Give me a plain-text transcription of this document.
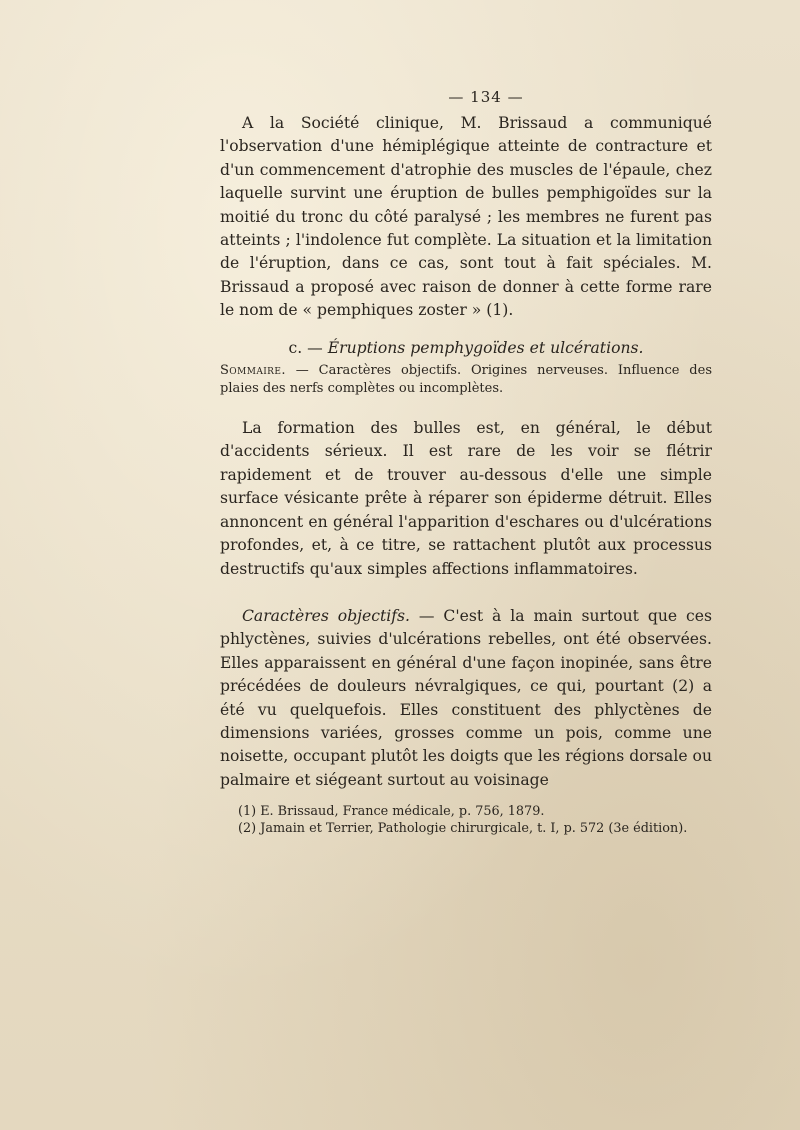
— 134 —

A la Société clinique, M. Brissaud a communiqué l'observation d'une hémiplégique atteinte de contracture et d'un commencement d'atrophie des muscles de l'épaule, chez laquelle survint une éruption de bulles pemphigoïdes sur la moitié du tronc du côté paralysé ; les membres ne furent pas atteints ; l'indolence fut complète. La situation et la limitation de l'éruption, dans ce cas, sont tout à fait spéciales. M. Brissaud a proposé avec raison de donner à cette forme rare le nom de « pemphiques zoster » (1).

c. — Éruptions pemphygoïdes et ulcérations.
Sommaire. — Caractères objectifs. Origines nerveuses. Influence des plaies des nerfs complètes ou incomplètes.

La formation des bulles est, en général, le début d'accidents sérieux. Il est rare de les voir se flétrir rapidement et de trouver au-dessous d'elle une simple surface vésicante prête à réparer son épiderme détruit. Elles annoncent en général l'apparition d'eschares ou d'ulcérations profondes, et, à ce titre, se rattachent plutôt aux processus destructifs qu'aux simples affections inflammatoires.

Caractères objectifs. — C'est à la main surtout que ces phlyctènes, suivies d'ulcérations rebelles, ont été observées. Elles apparaissent en général d'une façon inopinée, sans être précédées de douleurs névralgiques, ce qui, pourtant (2) a été vu quelquefois. Elles constituent des phlyctènes de dimensions variées, grosses comme un pois, comme une noisette, occupant plutôt les doigts que les régions dorsale ou palmaire et siégeant surtout au voisinage

(1) E. Brissaud, France médicale, p. 756, 1879.
(2) Jamain et Terrier, Pathologie chirurgicale, t. I, p. 572 (3e édition).
